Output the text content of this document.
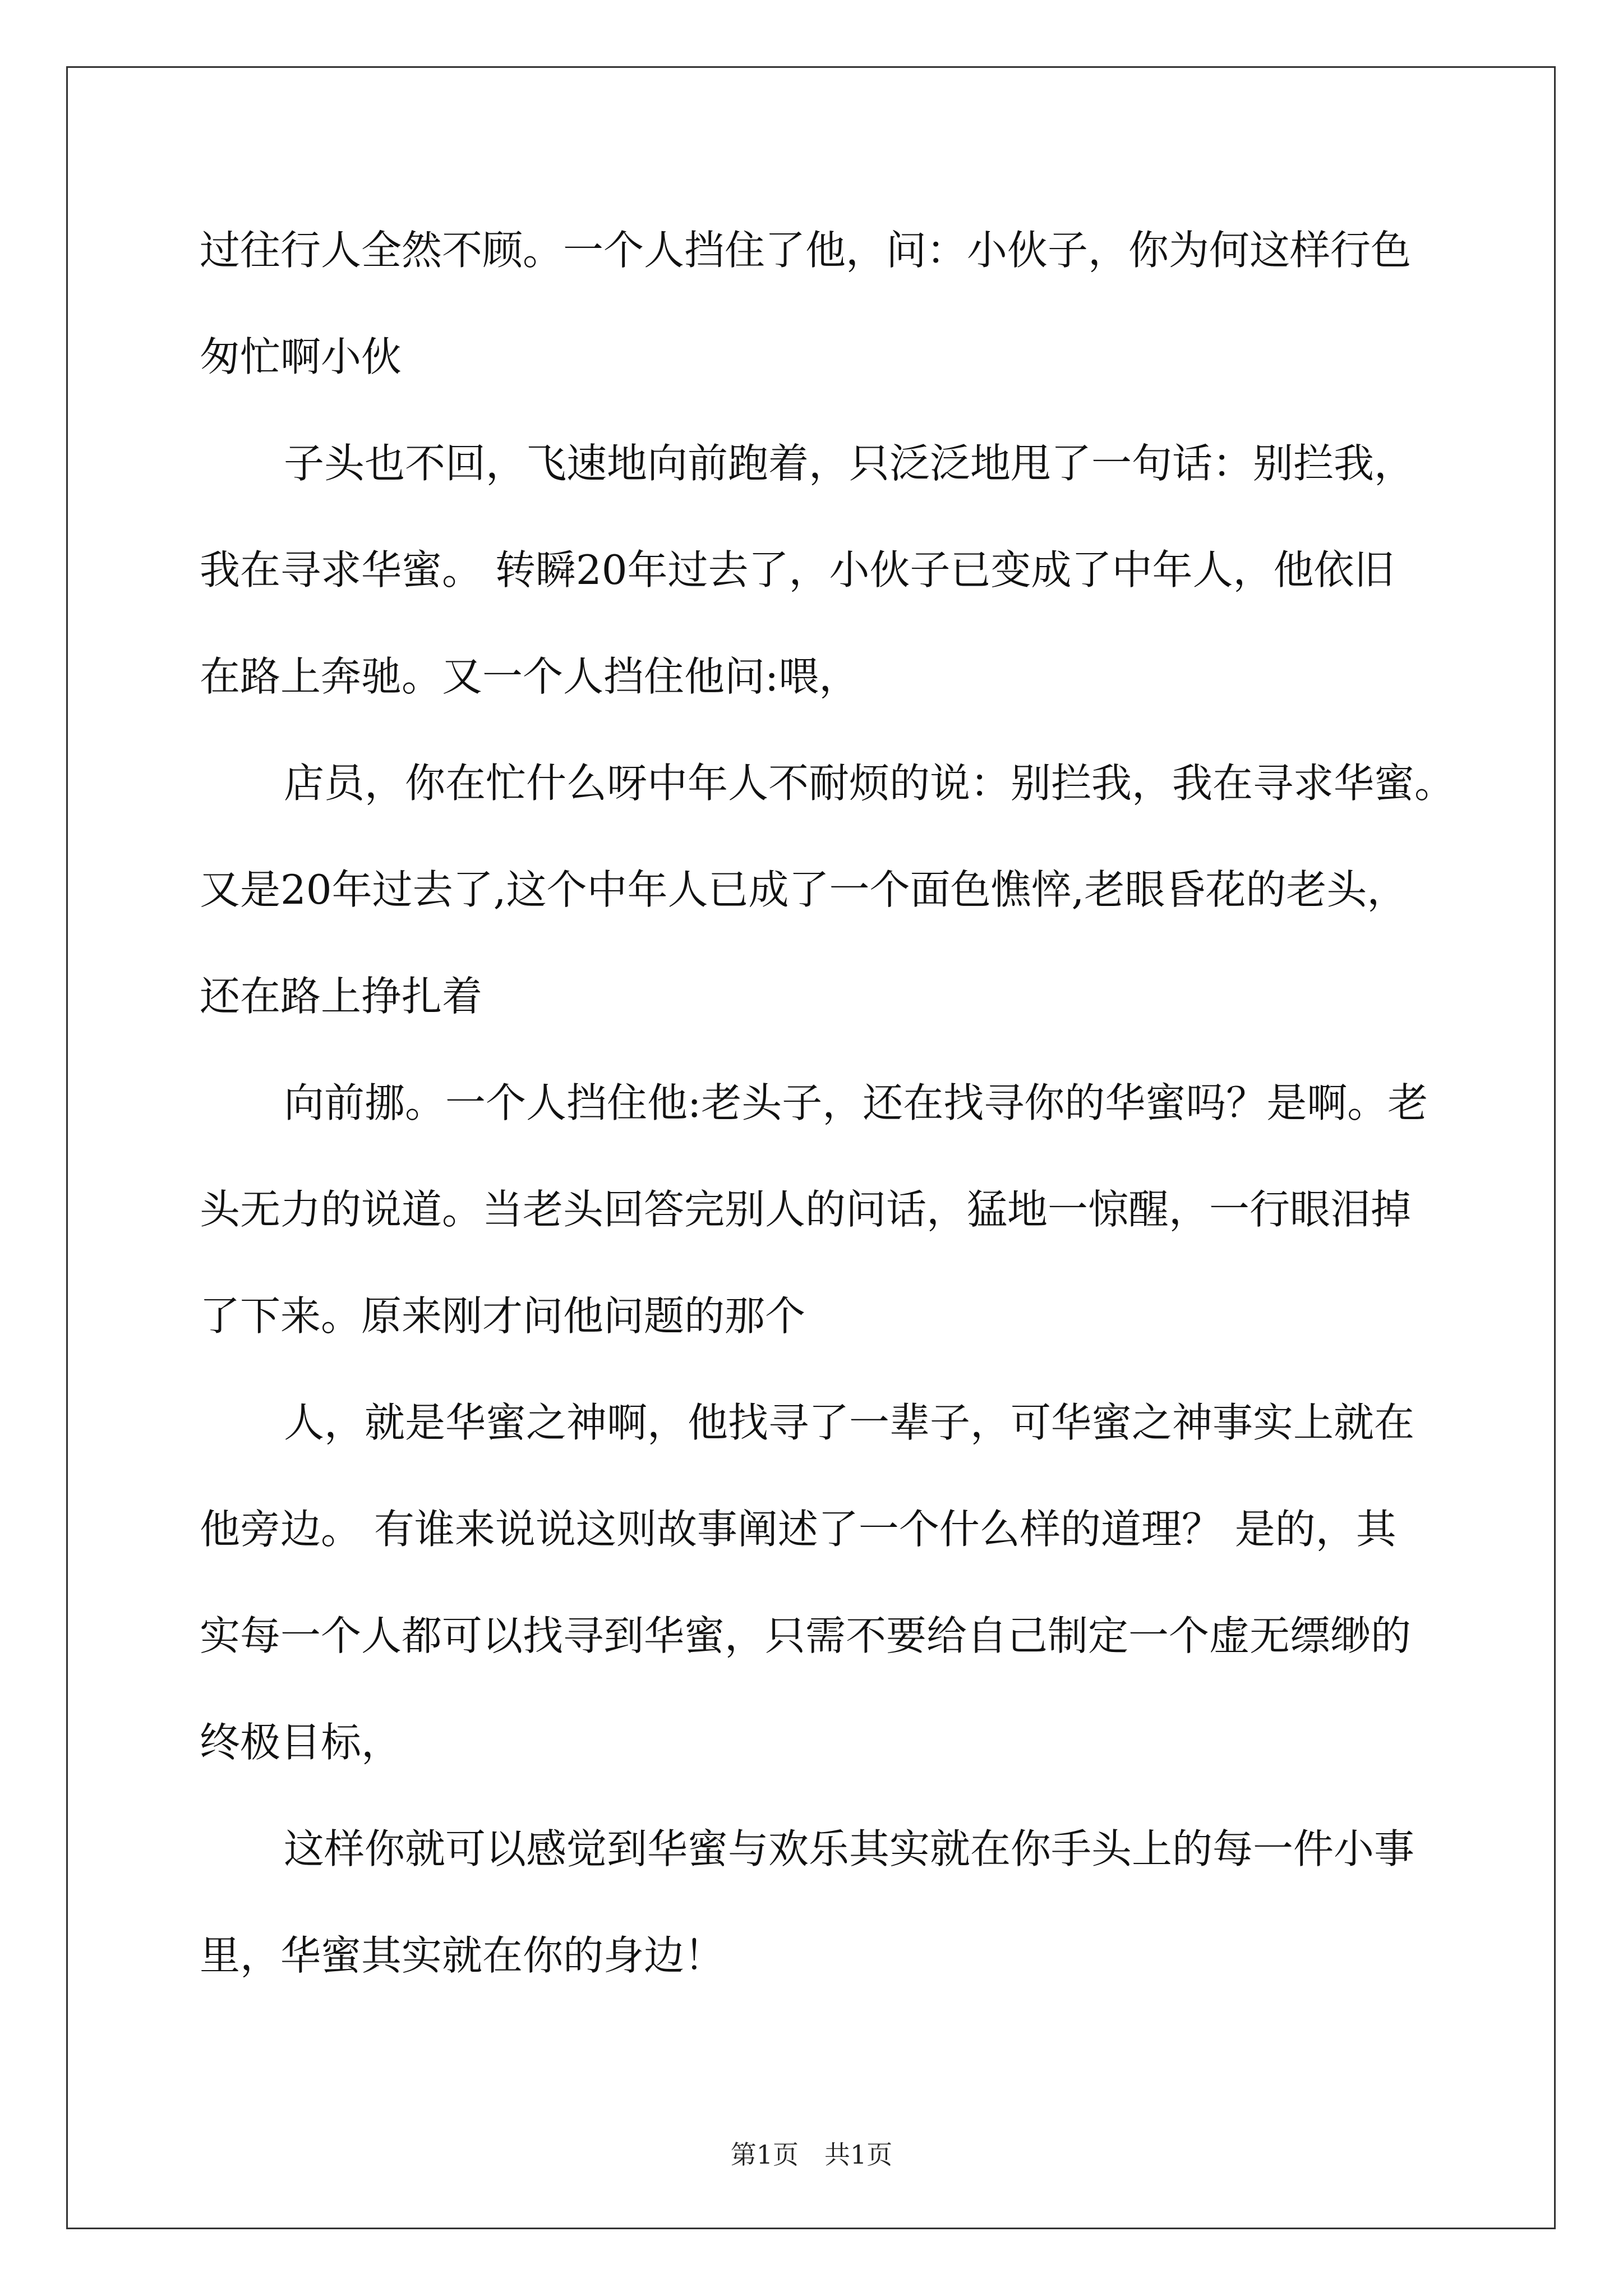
过往行人全然不顾。一个人挡住了他，问：小伙子，你为何这样行色
匆忙啊小伙
子头也不回，飞速地向前跑着，只泛泛地甩了一句话：别拦我，
我在寻求华蜜。 转瞬20年过去了，小伙子已变成了中年人，他依旧
在路上奔驰。又一个人挡住他问:喂，
店员，你在忙什么呀中年人不耐烦的说：别拦我，我在寻求华蜜。
又是20年过去了,这个中年人已成了一个面色憔悴,老眼昏花的老头，
还在路上挣扎着
向前挪。一个人挡住他:老头子，还在找寻你的华蜜吗？是啊。老
头无力的说道。当老头回答完别人的问话，猛地一惊醒，一行眼泪掉
了下来。原来刚才问他问题的那个
人，就是华蜜之神啊，他找寻了一辈子，可华蜜之神事实上就在
他旁边。 有谁来说说这则故事阐述了一个什么样的道理？ 是的，其
实每一个人都可以找寻到华蜜，只需不要给自己制定一个虚无缥缈的
终极目标，
这样你就可以感觉到华蜜与欢乐其实就在你手头上的每一件小事
里，华蜜其实就在你的身边！
第1页 共1页
